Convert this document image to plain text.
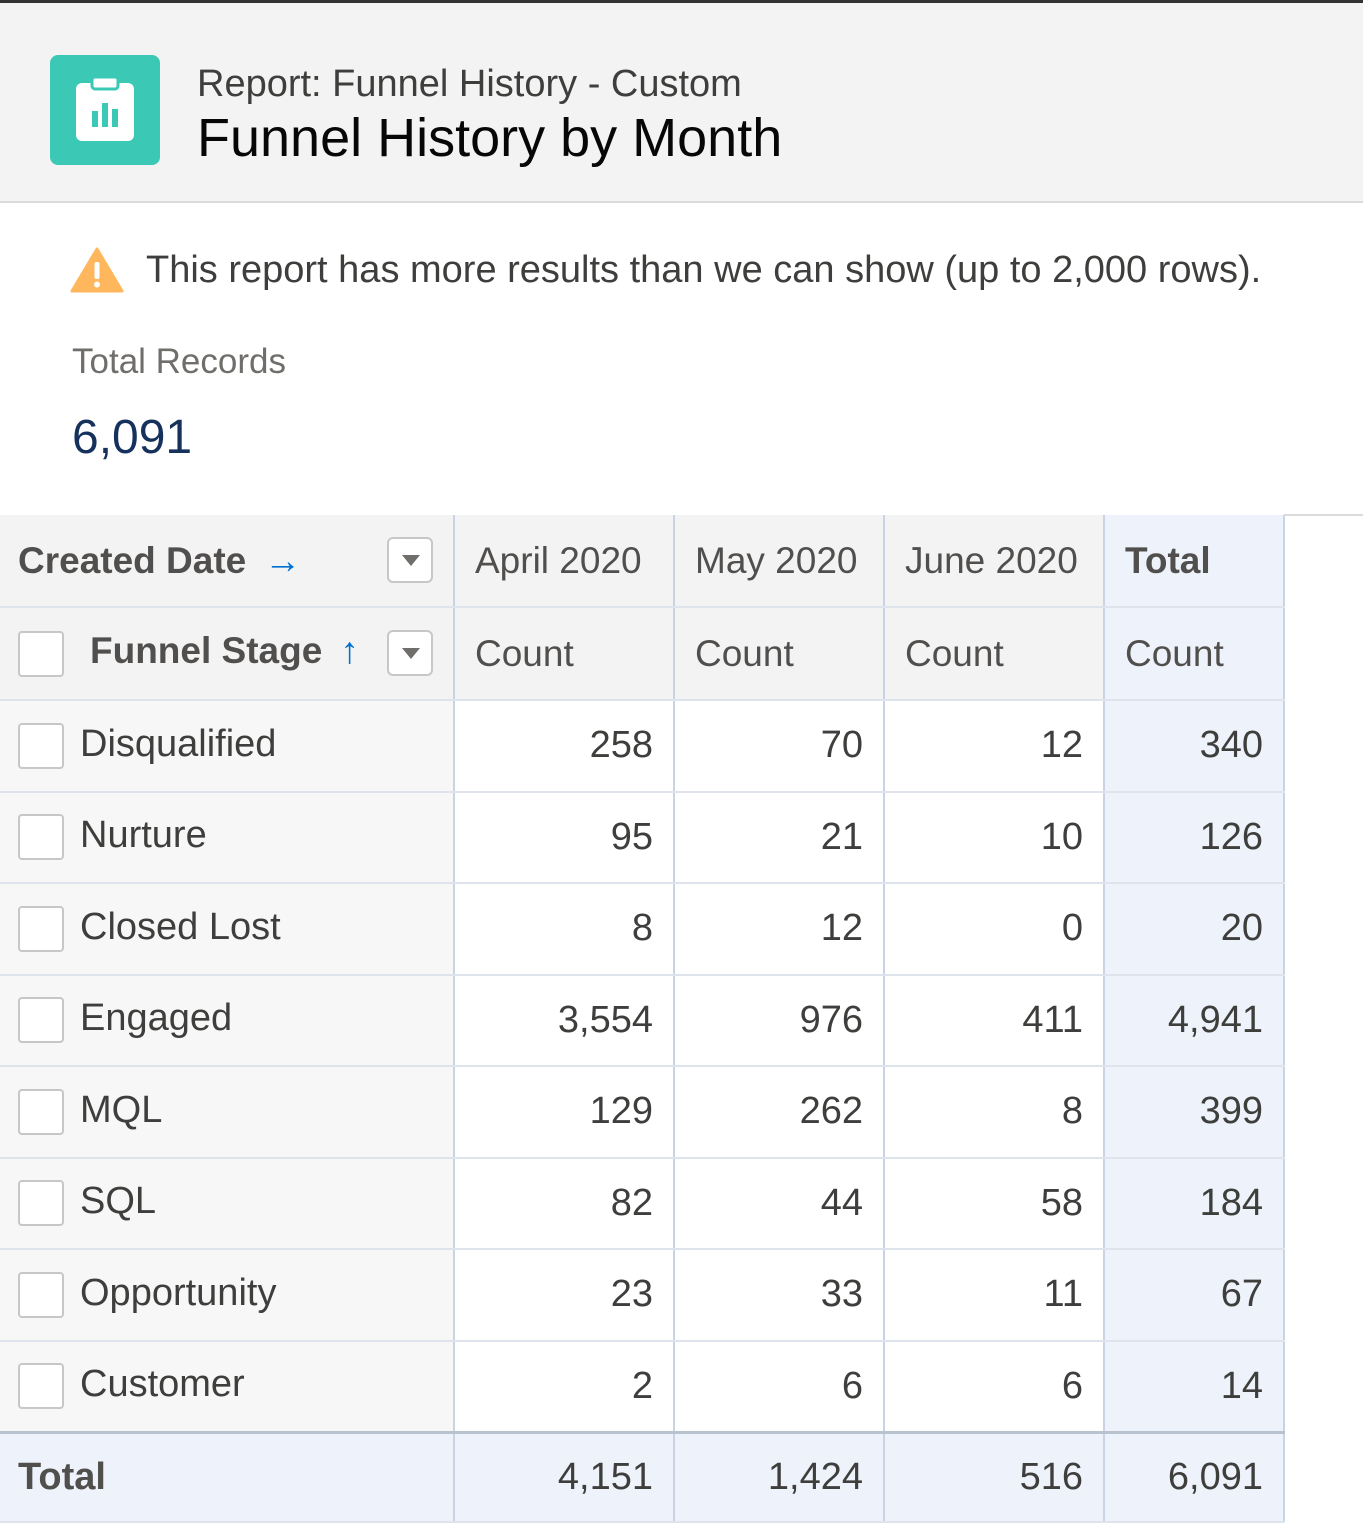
Report: Funnel History - Custom
Funnel History by Month
This report has more results than we can show (up to 2,000 rows).
Total Records
6,091
Created Date →	April 2020	May 2020	June 2020	Total
Funnel Stage ↑	Count	Count	Count	Count
Disqualified	258	70	12	340
Nurture	95	21	10	126
Closed Lost	8	12	0	20
Engaged	3,554	976	411	4,941
MQL	129	262	8	399
SQL	82	44	58	184
Opportunity	23	33	11	67
Customer	2	6	6	14
Total	4,151	1,424	516	6,091
